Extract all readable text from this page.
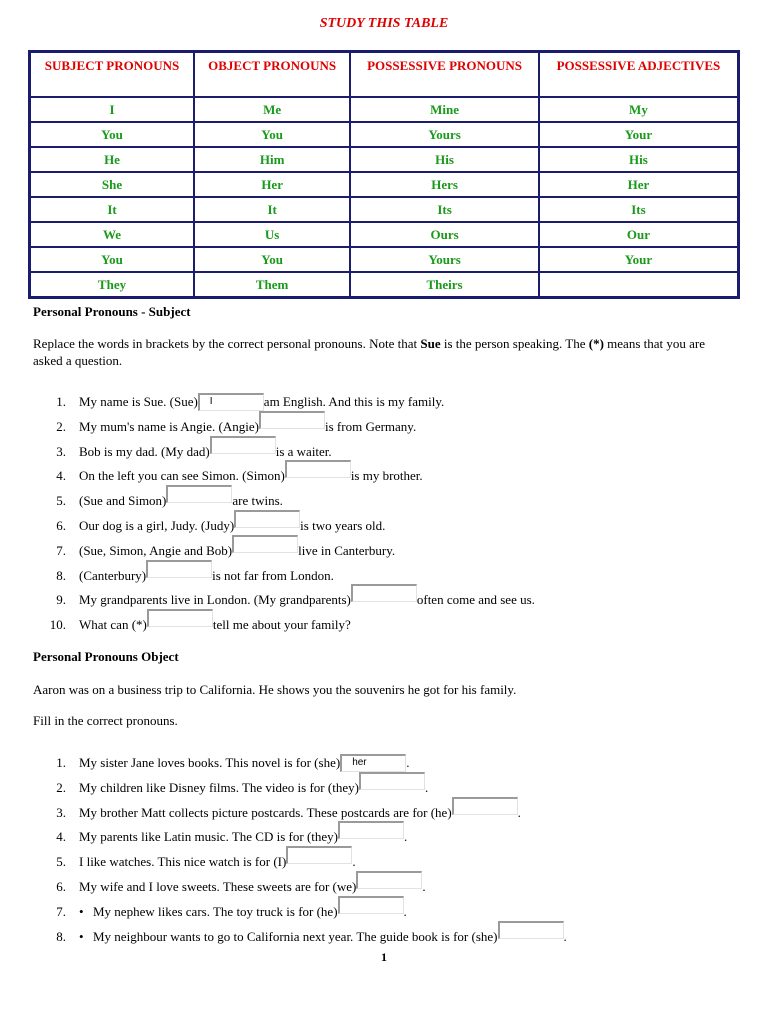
STUDY THIS TABLE
SUBJECT PRONOUNS	OBJECT PRONOUNS	POSSESSIVE PRONOUNS	POSSESSIVE ADJECTIVES
I	Me	Mine	My
You	You	Yours	Your
He	Him	His	His
She	Her	Hers	Her
It	It	Its	Its
We	Us	Ours	Our
You	You	Yours	Your
They	Them	Theirs	
Personal Pronouns - Subject
Replace the words in brackets by the correct personal pronouns. Note that Sue is the person speaking. The (*) means that you are asked a question.
1. My name is Sue. (Sue) I	am English. And this is my family.
2. My mum's name is Angie. (Angie)	is from Germany.
3. Bob is my dad. (My dad)	is a waiter.
4. On the left you can see Simon. (Simon)	is my brother.
5. (Sue and Simon)	are twins.
6. Our dog is a girl, Judy. (Judy)	is two years old.
7. (Sue, Simon, Angie and Bob)	live in Canterbury.
8. (Canterbury)	is not far from London.
9. My grandparents live in London. (My grandparents)	often come and see us.
10. What can (*)	tell me about your family?
Personal Pronouns Object
Aaron was on a business trip to California. He shows you the souvenirs he got for his family.
Fill in the correct pronouns.
1. My sister Jane loves books. This novel is for (she) her	.
2. My children like Disney films. The video is for (they)	.
3. My brother Matt collects picture postcards. These postcards are for (he)	.
4. My parents like Latin music. The CD is for (they)	.
5. I like watches. This nice watch is for (I)	.
6. My wife and I love sweets. These sweets are for (we)	.
7. • My nephew likes cars. The toy truck is for (he)	.
8. • My neighbour wants to go to California next year. The guide book is for (she)	.
1
